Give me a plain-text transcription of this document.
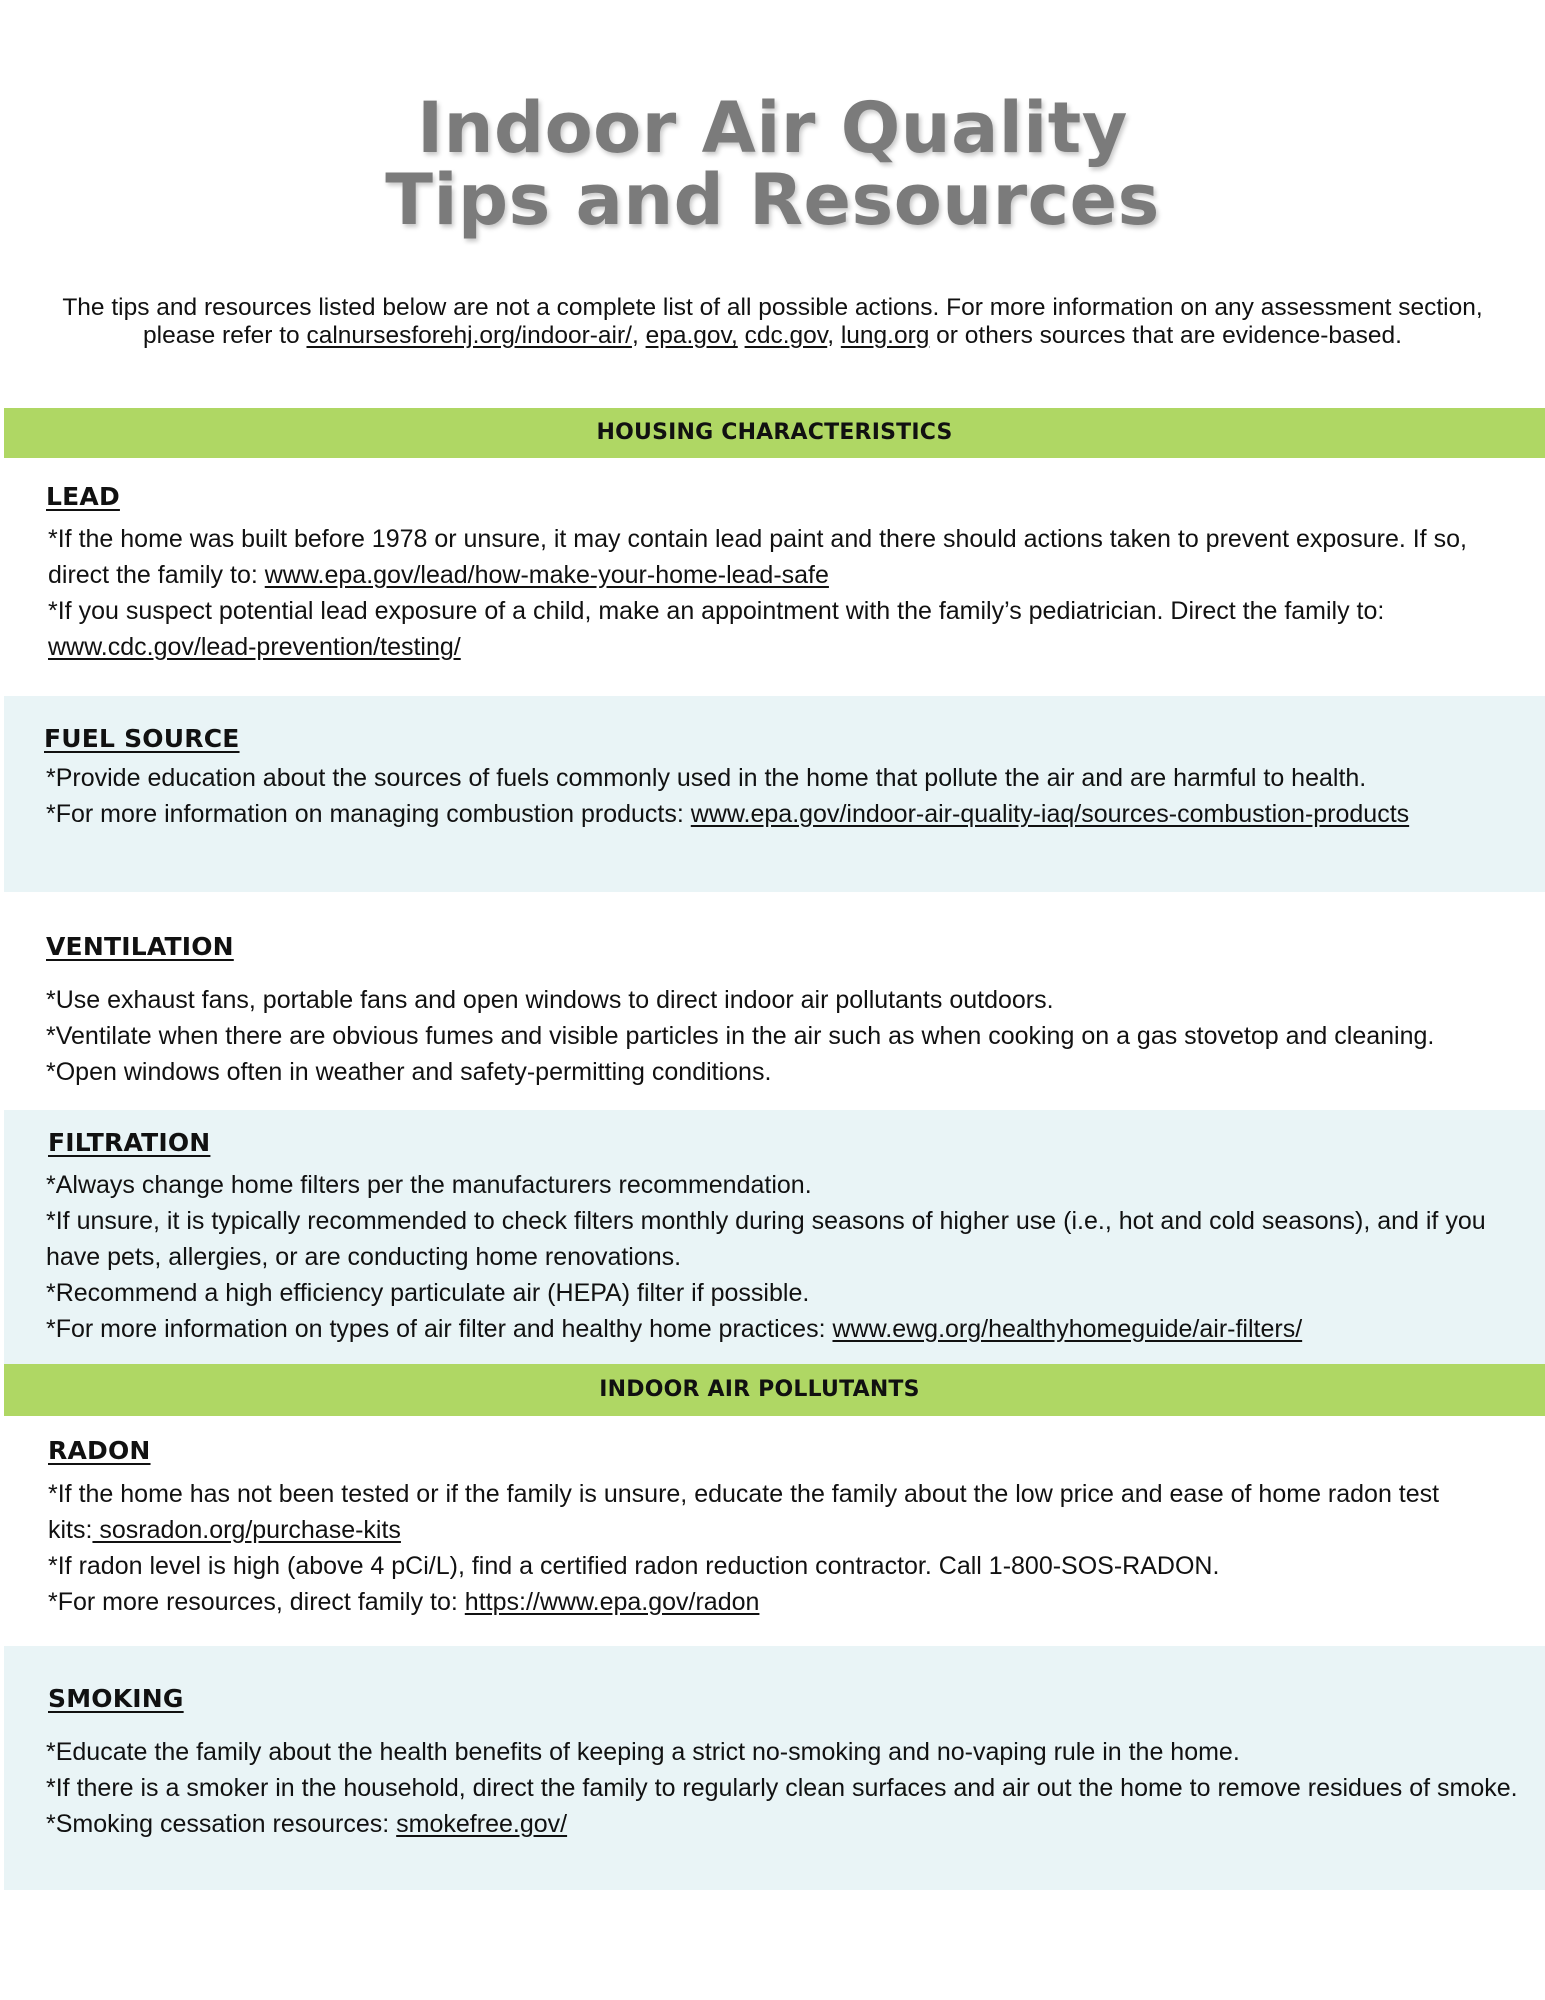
Indoor Air Quality
Tips and Resources
The tips and resources listed below are not a complete list of all possible actions. For more information on any assessment section, please refer to calnursesforehj.org/indoor-air/, epa.gov, cdc.gov, lung.org or others sources that are evidence-based.
HOUSING CHARACTERISTICS
LEAD

*If the home was built before 1978 or unsure, it may contain lead paint and there should actions taken to prevent exposure. If so, direct the family to: www.epa.gov/lead/how-make-your-home-lead-safe

*If you suspect potential lead exposure of a child, make an appointment with the family’s pediatrician. Direct the family to: www.cdc.gov/lead-prevention/testing/

FUEL SOURCE

*Provide education about the sources of fuels commonly used in the home that pollute the air and are harmful to health.

*For more information on managing combustion products: www.epa.gov/indoor-air-quality-iaq/sources-combustion-products

VENTILATION

*Use exhaust fans, portable fans and open windows to direct indoor air pollutants outdoors.

*Ventilate when there are obvious fumes and visible particles in the air such as when cooking on a gas stovetop and cleaning.

*Open windows often in weather and safety-permitting conditions.

FILTRATION

*Always change home filters per the manufacturers recommendation.

*If unsure, it is typically recommended to check filters monthly during seasons of higher use (i.e., hot and cold seasons), and if you have pets, allergies, or are conducting home renovations.

*Recommend a high efficiency particulate air (HEPA) filter if possible.

*For more information on types of air filter and healthy home practices: www.ewg.org/healthyhomeguide/air-filters/

INDOOR AIR POLLUTANTS
RADON

*If the home has not been tested or if the family is unsure, educate the family about the low price and ease of home radon test kits: sosradon.org/purchase-kits

*If radon level is high (above 4 pCi/L), find a certified radon reduction contractor. Call 1-800-SOS-RADON.

*For more resources, direct family to: https://www.epa.gov/radon

SMOKING

*Educate the family about the health benefits of keeping a strict no-smoking and no-vaping rule in the home.

*If there is a smoker in the household, direct the family to regularly clean surfaces and air out the home to remove residues of smoke.

*Smoking cessation resources: smokefree.gov/
